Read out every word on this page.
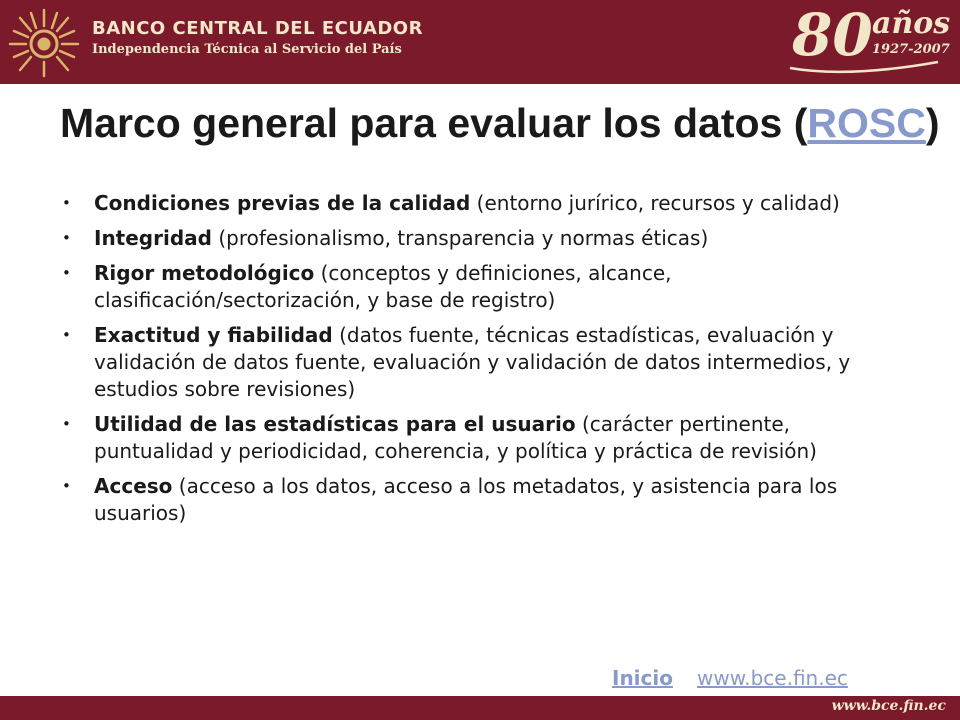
BANCO CENTRAL DEL ECUADOR
Independencia Técnica al Servicio del País	80 años
1927-2007
Marco general para evaluar los datos (ROSC)
• Condiciones previas de la calidad (entorno jurírico, recursos y calidad)
• Integridad (profesionalismo, transparencia y normas éticas)
• Rigor metodológico (conceptos y definiciones, alcance, clasificación/sectorización, y base de registro)
• Exactitud y fiabilidad (datos fuente, técnicas estadísticas, evaluación y validación de datos fuente, evaluación y validación de datos intermedios, y estudios sobre revisiones)
• Utilidad de las estadísticas para el usuario (carácter pertinente, puntualidad y periodicidad, coherencia, y política y práctica de revisión)
• Acceso (acceso a los datos, acceso a los metadatos, y asistencia para los usuarios)
Inicio www.bce.fin.ec
www.bce.fin.ec
